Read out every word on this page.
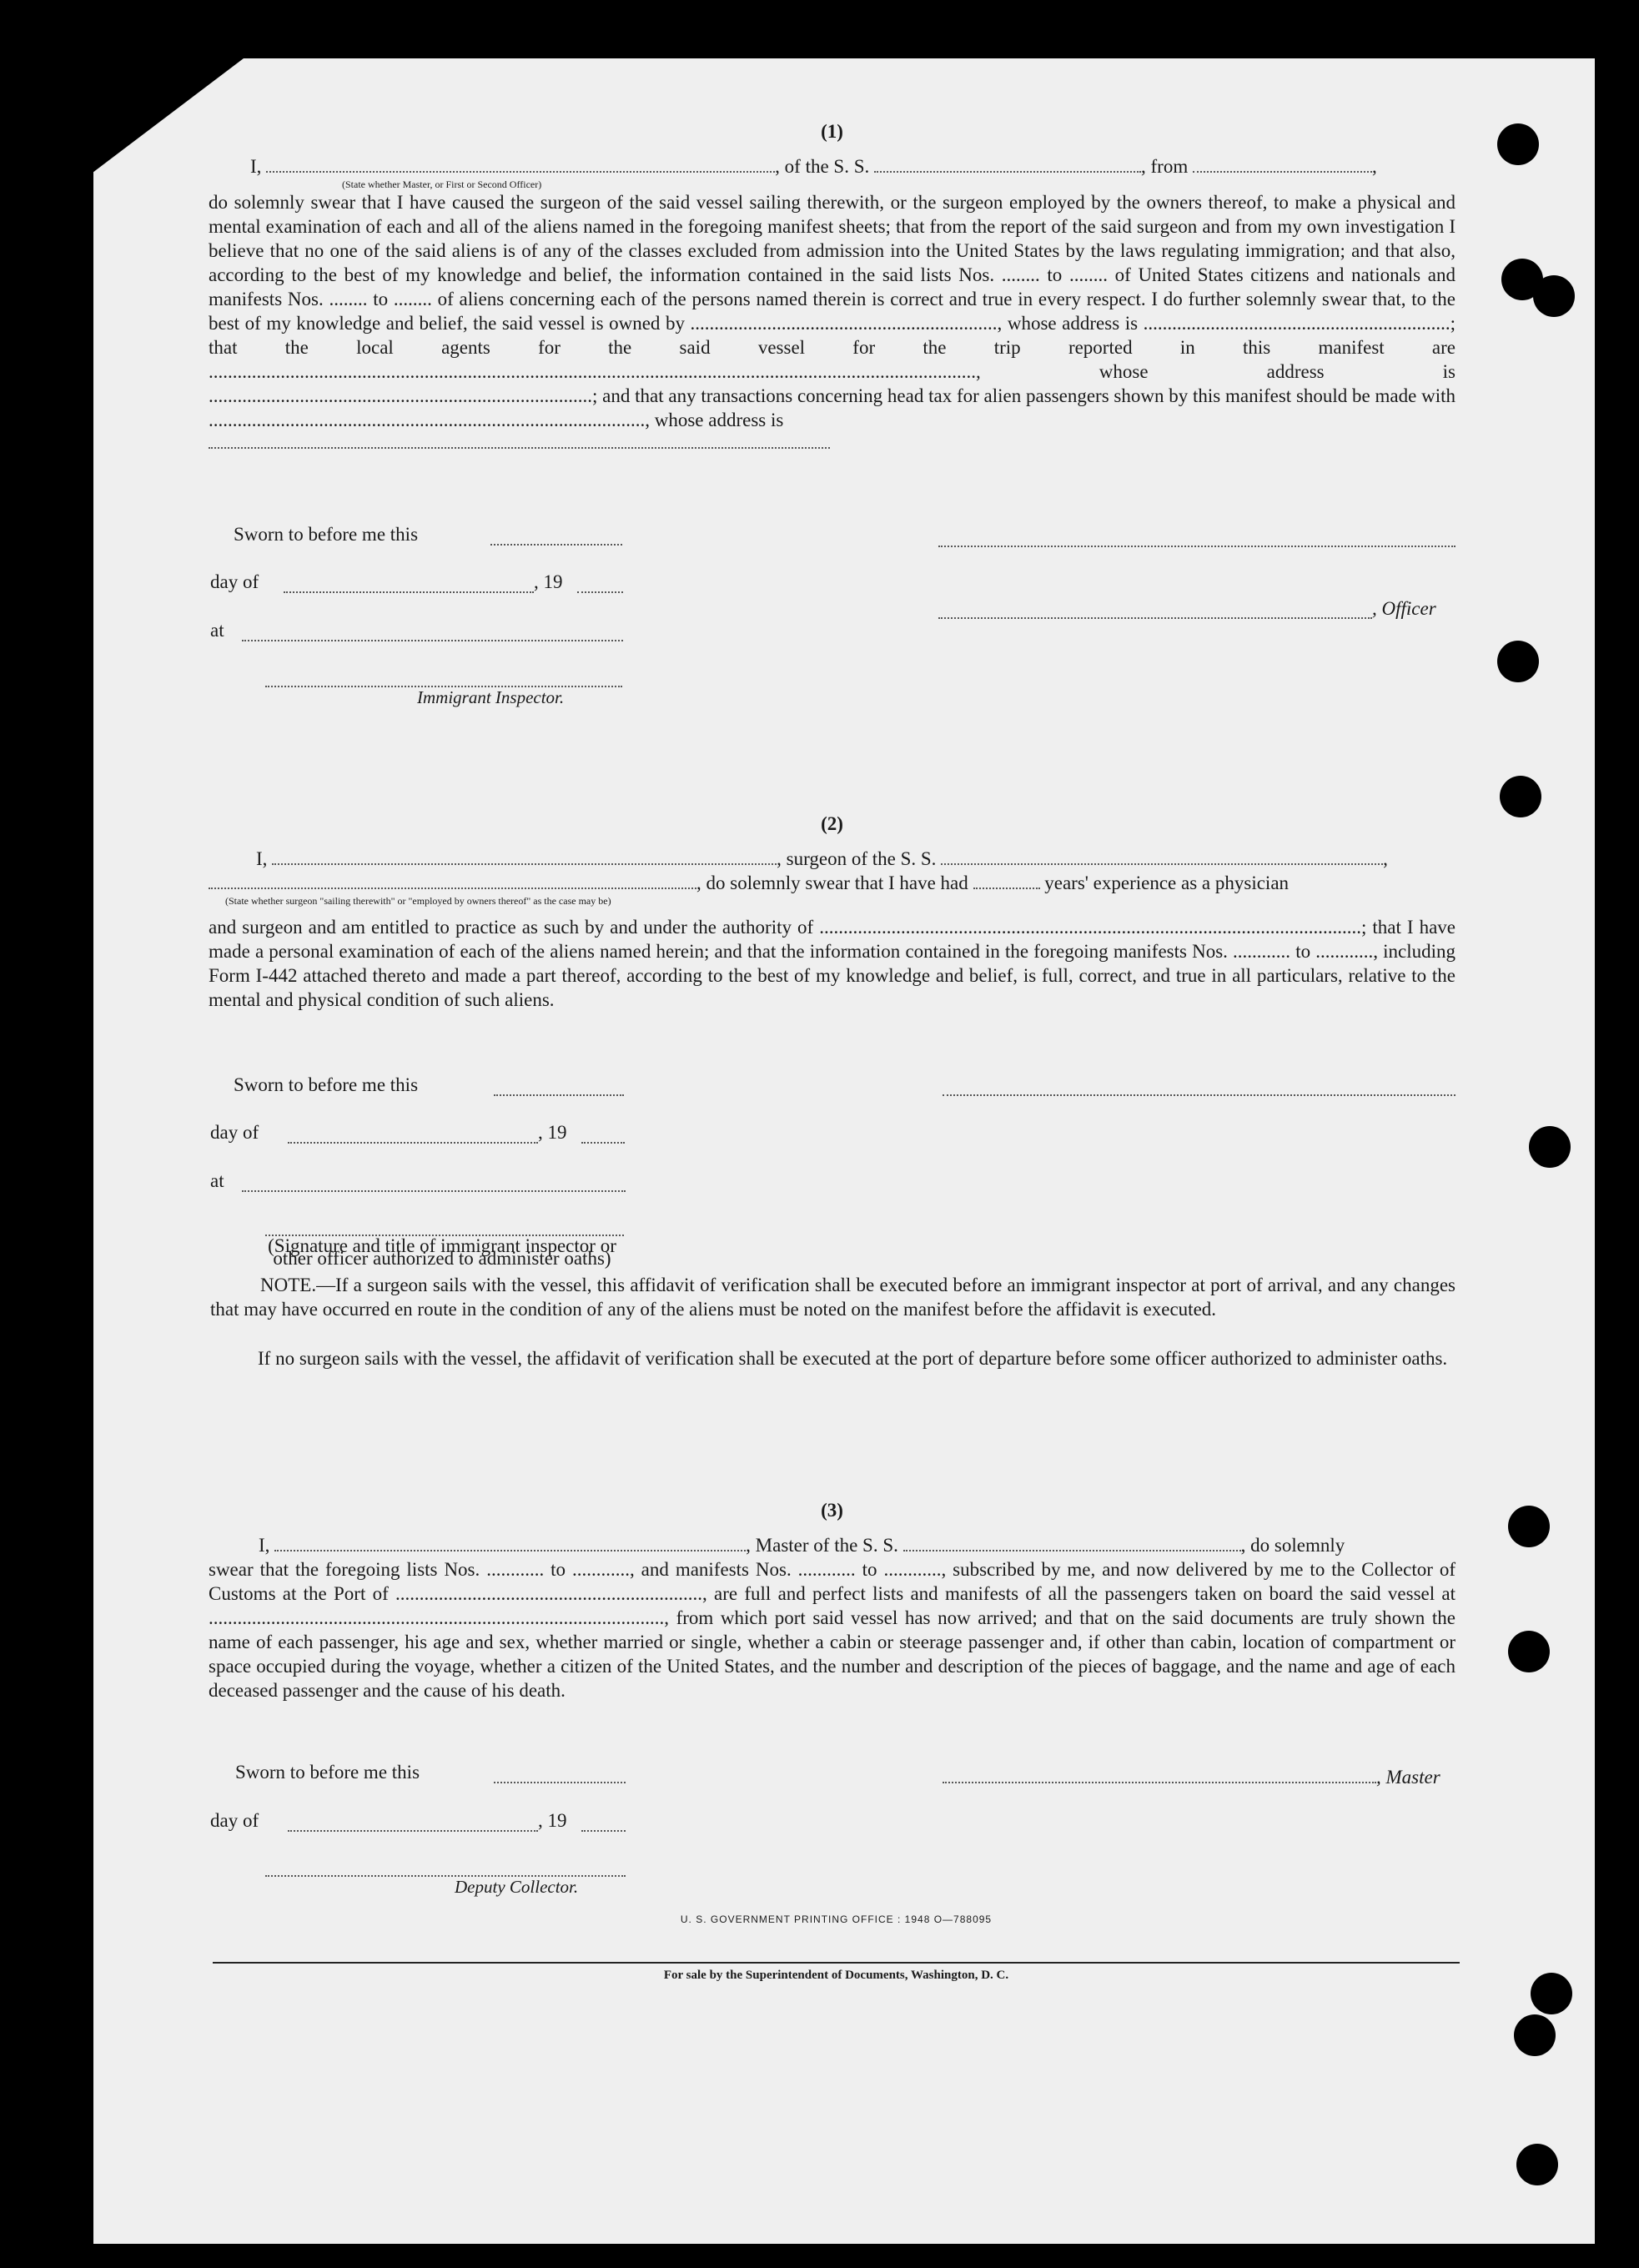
(1)
I,	, of the S. S.	, from	,
(State whether Master, or First or Second Officer)
do solemnly swear that I have caused the surgeon of the said vessel sailing therewith, or the surgeon employed by the owners thereof, to make a physical and mental examination of each and all of the aliens named in the foregoing manifest sheets; that from the report of the said surgeon and from my own investigation I believe that no one of the said aliens is of any of the classes excluded from admission into the United States by the laws regulating immigration; and that also, according to the best of my knowledge and belief, the information contained in the said lists Nos. ........ to ........ of United States citizens and nationals and manifests Nos. ........ to ........ of aliens concerning each of the persons named therein is correct and true in every respect. I do further solemnly swear that, to the best of my knowledge and belief, the said vessel is owned by ................................................................, whose address is ................................................................; that the local agents for the said vessel for the trip reported in this manifest are ................................................................................................................................................................, whose address is ................................................................................; and that any transactions concerning head tax for alien passengers shown by this manifest should be made with ..........................................................................................., whose address is
Sworn to before me this
day of	, 19
at
Immigrant Inspector.
, Officer
(2)
I,	, surgeon of the S. S.	,
, do solemnly swear that I have had	years' experience as a physician
(State whether surgeon "sailing therewith" or "employed by owners thereof" as the case may be)
and surgeon and am entitled to practice as such by and under the authority of .................................................................................................................; that I have made a personal examination of each of the aliens named herein; and that the information contained in the foregoing manifests Nos. ............ to ............, including Form I-442 attached thereto and made a part thereof, according to the best of my knowledge and belief, is full, correct, and true in all particulars, relative to the mental and physical condition of such aliens.
Sworn to before me this
day of	, 19
at
(Signature and title of immigrant inspector or other officer authorized to administer oaths)
NOTE.—If a surgeon sails with the vessel, this affidavit of verification shall be executed before an immigrant inspector at port of arrival, and any changes that may have occurred en route in the condition of any of the aliens must be noted on the manifest before the affidavit is executed.
If no surgeon sails with the vessel, the affidavit of verification shall be executed at the port of departure before some officer authorized to administer oaths.
(3)
I,	, Master of the S. S.	, do solemnly
swear that the foregoing lists Nos. ............ to ............, and manifests Nos. ............ to ............, subscribed by me, and now delivered by me to the Collector of Customs at the Port of ................................................................, are full and perfect lists and manifests of all the passengers taken on board the said vessel at ..............................................................................................., from which port said vessel has now arrived; and that on the said documents are truly shown the name of each passenger, his age and sex, whether married or single, whether a cabin or steerage passenger and, if other than cabin, location of compartment or space occupied during the voyage, whether a citizen of the United States, and the number and description of the pieces of baggage, and the name and age of each deceased passenger and the cause of his death.
Sworn to before me this
day of	, 19
Deputy Collector.
, Master
U. S. GOVERNMENT PRINTING OFFICE : 1948 O—788095
For sale by the Superintendent of Documents, Washington, D. C.
